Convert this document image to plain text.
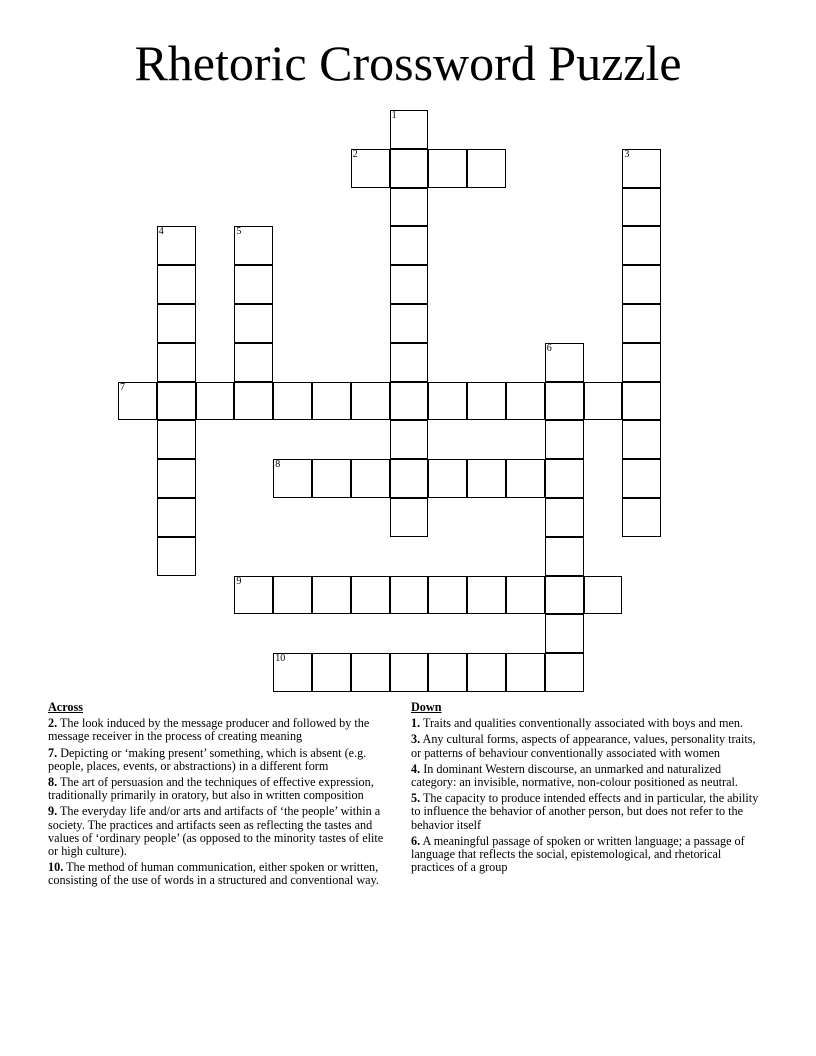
Rhetoric Crossword Puzzle
1
2	3
4	5
6
7
8
9
10
Across
2. The look induced by the message producer and followed by the message receiver in the process of creating meaning
7. Depicting or ‘making present’ something, which is absent (e.g. people, places, events, or abstractions) in a different form
8. The art of persuasion and the techniques of effective expression, traditionally primarily in oratory, but also in written composition
9. The everyday life and/or arts and artifacts of ‘the people’ within a society. The practices and artifacts seen as reflecting the tastes and values of ‘ordinary people’ (as opposed to the minority tastes of elite or high culture).
10. The method of human communication, either spoken or written, consisting of the use of words in a structured and conventional way.
Down
1. Traits and qualities conventionally associated with boys and men.
3. Any cultural forms, aspects of appearance, values, personality traits, or patterns of behaviour conventionally associated with women
4. In dominant Western discourse, an unmarked and naturalized category: an invisible, normative, non-colour positioned as neutral.
5. The capacity to produce intended effects and in particular, the ability to influence the behavior of another person, but does not refer to the behavior itself
6. A meaningful passage of spoken or written language; a passage of language that reflects the social, epistemological, and rhetorical practices of a group
